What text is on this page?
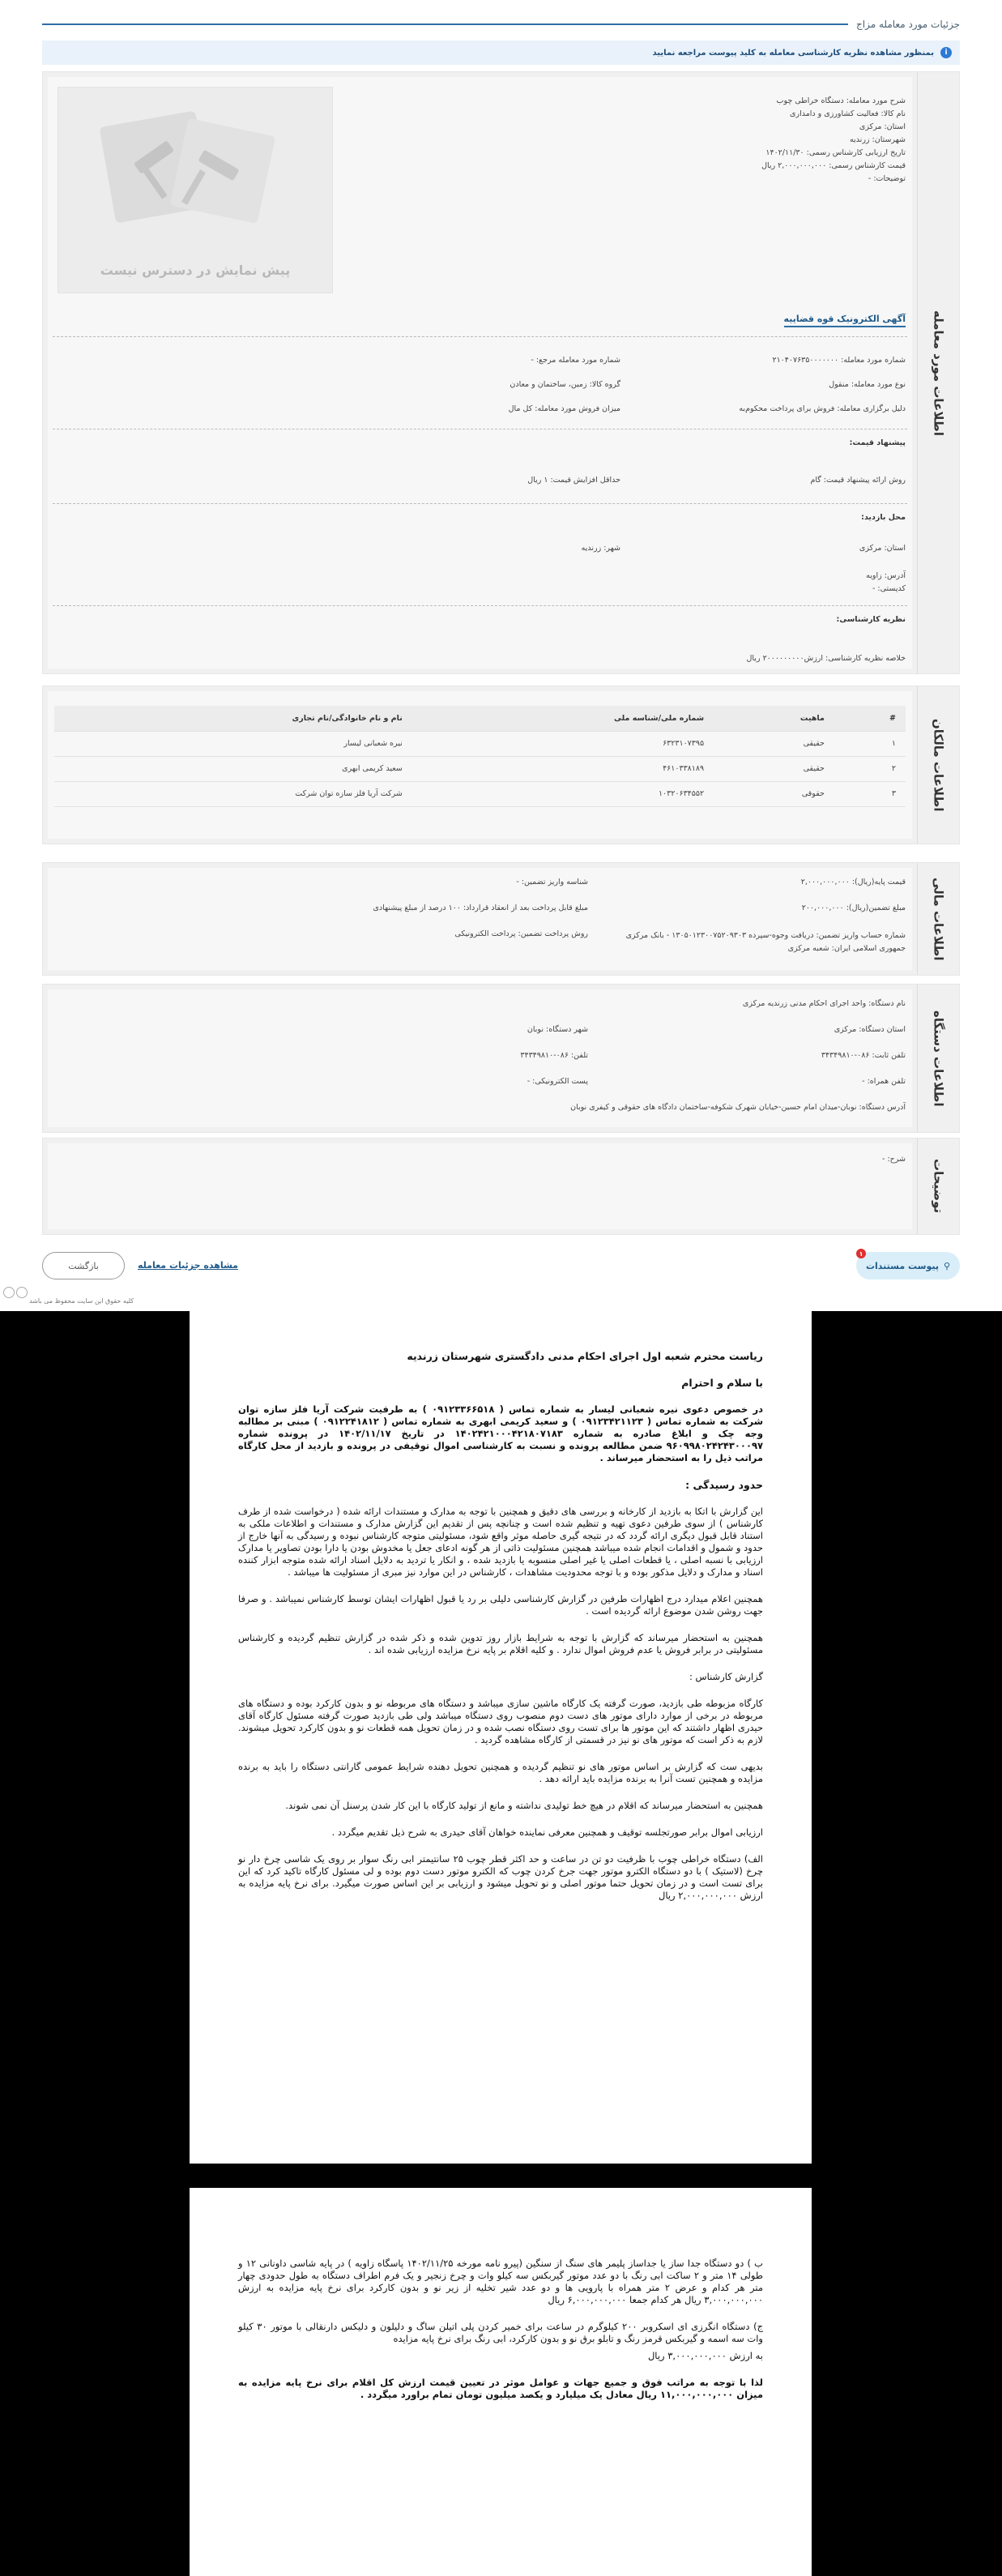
جزئیات مورد معامله مزاج
i
بمنظور مشاهده نظریه کارشناسی معامله به کلید پیوست مراجعه نمایید
اطلاعات مورد معامله
پیش نمایش در دسترس نیست
شرح مورد معامله: دستگاه خراطی چوب
نام کالا: فعالیت کشاورزی و دامداری
استان: مرکزی
شهرستان: زرندیه
تاریخ ارزیابی کارشناس رسمی: ۱۴۰۲/۱۱/۳۰
قیمت کارشناس رسمی: ۲,۰۰۰,۰۰۰,۰۰۰ ریال
توضیحات: -
آگهی الکترونیک قوه قضاییه
شماره مورد معامله: ۲۱۰۴۰۷۶۳۵۰۰۰۰۰۰۰
شماره مورد معامله مرجع: -
نوع مورد معامله: منقول
گروه کالا: زمین، ساختمان و معادن
دلیل برگزاری معامله: فروش برای پرداخت محکوم‌به
میزان فروش مورد معامله: کل مال
پیشنهاد قیمت:
روش ارائه پیشنهاد قیمت: گام
حداقل افزایش قیمت: ۱ ریال
محل بازدید:
استان: مرکزی
شهر: زرندیه
آدرس: زاویه
کدپستی: -
نظریه کارشناسی:
خلاصه نظریه کارشناسی: ارزش۲۰۰۰۰۰۰۰۰۰ ریال
اطلاعات مالکان
#	ماهیت	شماره ملی/شناسه ملی	نام و نام خانوادگی/نام تجاری
۱	حقیقی	۶۳۲۳۱۰۷۳۹۵	نیره شعبانی لیسار
۲	حقیقی	۴۶۱۰۳۳۸۱۸۹	سعید کریمی ابهری
۳	حقوقی	۱۰۳۲۰۶۳۴۵۵۲	شرکت آریا فلز سازه توان شرکت
اطلاعات مالی
قیمت پایه(ریال): ۲,۰۰۰,۰۰۰,۰۰۰
مبلغ تضمین(ریال): ۲۰۰,۰۰۰,۰۰۰
شماره حساب واریز تضمین: دریافت وجوه-سپرده ۱۳۰۵۰۱۲۳۰۰۷۵۲۰۹۳۰۳ - بانک مرکزی جمهوری اسلامی ایران: شعبه مرکزی
شناسه واریز تضمین: -
مبلغ قابل پرداخت بعد از انعقاد قرارداد: ۱۰۰ درصد از مبلغ پیشنهادی
روش پرداخت تضمین: پرداخت الکترونیکی
اطلاعات دستگاه
نام دستگاه: واحد اجرای احکام مدنی زرندیه مرکزی
استان دستگاه: مرکزی
شهر دستگاه: نوبان
تلفن ثابت: ۰۸۶-۳۴۳۴۹۸۱۰
تلفن: ۰۸۶-۳۴۳۴۹۸۱۰
تلفن همراه: -
پست الکترونیکی: -
آدرس دستگاه: نوبان-میدان امام حسین-خیابان شهرک شکوفه-ساختمان دادگاه های حقوقی و کیفری نوبان
توضیحات
شرح: -
۱
⚲
پیوست مستندات
بازگشت	مشاهده جزئیات معامله
کلیه حقوق این سایت محفوظ می باشد

ریاست محترم شعبه اول اجرای احکام مدنی دادگستری شهرستان زرندیه

با سلام و احترام

در خصوص دعوی نیره شعبانی لیسار به شماره تماس ( ۰۹۱۲۳۳۶۶۵۱۸ ) به طرفیت شرکت آریا فلز سازه توان شرکت به شماره تماس ( ۰۹۱۲۳۴۲۱۱۲۳ ) و سعید کریمی ابهری به شماره تماس ( ۰۹۱۲۲۴۱۸۱۲ ) مبنی بر مطالبه وجه چک و ابلاغ صادره به شماره ۱۴۰۲۴۲۱۰۰۰۴۲۱۸۰۷۱۸۳ در تاریخ ۱۴۰۲/۱۱/۱۷ در پرونده شماره ۹۶۰۹۹۸۰۲۴۲۴۳۰۰۰۹۷ ضمن مطالعه پرونده و نسبت به کارشناسی اموال توقیفی در پرونده و بازدید از محل کارگاه مراتب ذیل را به استحضار میرساند .

حدود رسیدگی :

این گزارش با اتکا به بازدید از کارخانه و بررسی های دقیق و همچنین با توجه به مدارک و مستندات ارائه شده ( درخواست شده از طرف کارشناس ) از سوی طرفین دعوی تهیه و تنظیم شده است و چنانچه پس از تقدیم این گزارش مدارک و مستندات و اطلاعات ملکی به استناد قابل قبول دیگری ارائه گردد که در نتیجه گیری حاصله موثر واقع شود، مسئولیتی متوجه کارشناس نبوده و رسیدگی به آنها خارج از حدود و شمول و اقدامات انجام شده میباشد همچنین مسئولیت ذاتی از هر گونه ادعای جعل یا مخدوش بودن یا دارا بودن تصاویر یا مدارک ارزیابی با نسبه اصلی ، یا قطعات اصلی یا غیر اصلی منسوبه یا بازدید شده ، و انکار یا تردید به دلایل اسناد ارائه شده متوجه ابزار کننده اسناد و مدارک و دلایل مذکور بوده و با توجه محدودیت مشاهدات ، کارشناس در این موارد نیز مبری از مسئولیت ها میباشد .

همچنین اعلام میدارد درج اظهارات طرفین در گزارش کارشناسی دلیلی بر رد یا قبول اظهارات ایشان توسط کارشناس نمیباشد . و صرفا جهت روشن شدن موضوع ارائه گردیده است .

همچنین به استحضار میرساند که گزارش با توجه به شرایط بازار روز تدوین شده و ذکر شده در گزارش تنظیم گردیده و کارشناس مسئولیتی در برابر فروش یا عدم فروش اموال ندارد . و کلیه اقلام بر پایه نرخ مزایده ارزیابی شده اند .

گزارش کارشناس :

کارگاه مزبوطه طی بازدید، صورت گرفته یک کارگاه ماشین سازی میباشد و دستگاه های مربوطه نو و بدون کارکرد بوده و دستگاه های مربوطه در برخی از موارد دارای موتور های دست دوم منصوب روی دستگاه میباشد ولی طی بازدید صورت گرفته مسئول کارگاه آقای حیدری اظهار داشتند که این موتور ها برای تست روی دستگاه نصب شده و در زمان تحویل همه قطعات نو و بدون کارکرد تحویل میشوند. لازم به ذکر است که موتور های نو نیز در قسمتی از کارگاه مشاهده گردید .

بدیهی ست که گزارش بر اساس موتور های نو تنظیم گردیده و همچنین تحویل دهنده شرایط عمومی گارانتی دستگاه را باید به برنده مزایده و همچنین تست آنرا به برنده مزایده باید ارائه دهد .

همچنین به استحضار میرساند که اقلام در هیچ خط تولیدی نداشته و مانع از تولید کارگاه با این کار شدن پرسنل آن نمی شوند.

ارزیابی اموال برابر صورتجلسه توقیف و همچنین معرفی نماینده خواهان آقای حیدری به شرح ذیل تقدیم میگردد .

الف) دستگاه خراطی چوب با ظرفیت دو تن در ساعت و حد اکثر قطر چوب ۲۵ سانتیمتر ابی رنگ سوار بر روی یک شاسی چرخ دار نو چرخ (لاستیک ) با دو دستگاه الکترو موتور جهت جرخ کردن چوب که الکترو موتور دست دوم بوده و لی مسئول کارگاه تاکید کرد که این برای تست است و در زمان تحویل حتما موتور اصلی و نو تحویل میشود و ارزیابی بر این اساس صورت میگیرد. برای نرخ پایه مزایده به ارزش ۲,۰۰۰,۰۰۰,۰۰۰ ریال

ب ) دو دستگاه جدا ساز یا جداساز پلیمر های سنگ از سنگین (پیرو نامه مورخه ۱۴۰۲/۱۱/۲۵ پاسگاه زاویه ) در پایه شاسی داونانی ۱۲ و طولی ۱۴ متر و ۲ ساکت ابی رنگ با دو عدد موتور گیربکس سه کیلو وات و چرخ زنجیر و یک فرم اطراف دستگاه به طول حدودی چهار متر هر کدام و عرض ۲ متر همراه با پارویی ها و دو عدد شیر تخلیه از زیر نو و بدون کارکرد برای نرخ پایه مزایده به ارزش ۳,۰۰۰,۰۰۰,۰۰۰ ریال هر کدام جمعا ۶,۰۰۰,۰۰۰,۰۰۰ ریال

ج) دستگاه انگرزی ای اسکروبر ۲۰۰ کیلوگرم در ساعت برای خمیر کردن پلی اتیلن ساگ و دلیلون و دلیکس دارنقالی با موتور ۳۰ کیلو وات سه اسمه و گیربکس قرمز رنگ و تابلو برق نو و بدون کارکرد، ابی رنگ برای نرخ پایه مزایده

به ارزش ۳,۰۰۰,۰۰۰,۰۰۰ ریال

لذا با توجه به مراتب فوق و جمیع جهات و عوامل موثر در تعیین قیمت ارزش کل اقلام برای نرخ پایه مزایده به میزان ۱۱,۰۰۰,۰۰۰,۰۰۰ ریال معادل یک میلیارد و یکصد میلیون تومان تمام براورد میگردد .
